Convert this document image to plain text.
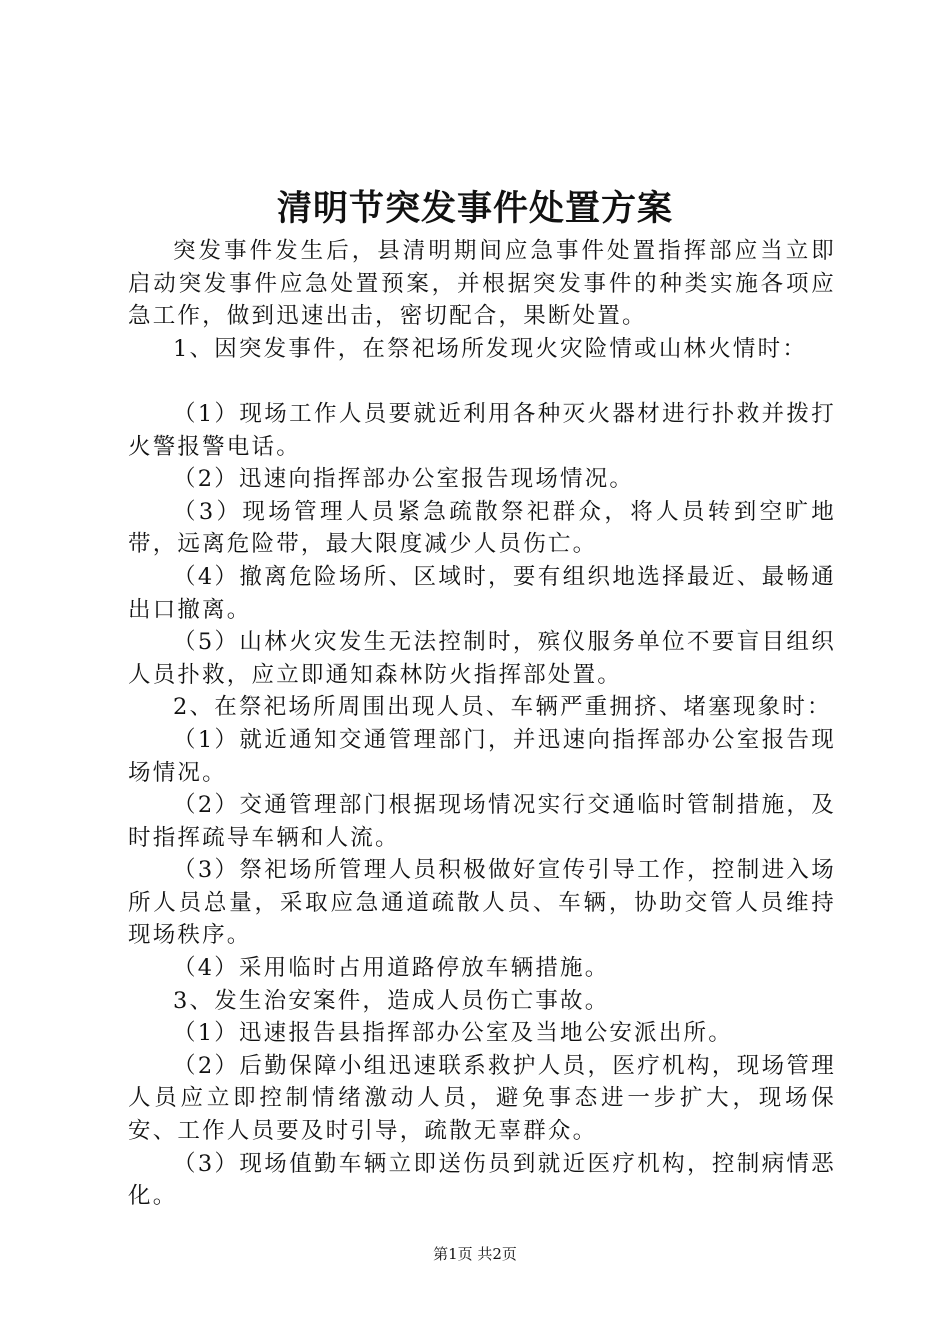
清明节突发事件处置方案

突发事件发生后，县清明期间应急事件处置指挥部应当立即启动突发事件应急处置预案，并根据突发事件的种类实施各项应急工作，做到迅速出击，密切配合，果断处置。

1、因突发事件，在祭祀场所发现火灾险情或山林火情时：

（1）现场工作人员要就近利用各种灭火器材进行扑救并拨打火警报警电话。

（2）迅速向指挥部办公室报告现场情况。

（3）现场管理人员紧急疏散祭祀群众，将人员转到空旷地带，远离危险带，最大限度减少人员伤亡。

（4）撤离危险场所、区域时，要有组织地选择最近、最畅通出口撤离。

（5）山林火灾发生无法控制时，殡仪服务单位不要盲目组织人员扑救，应立即通知森林防火指挥部处置。

2、在祭祀场所周围出现人员、车辆严重拥挤、堵塞现象时：

（1）就近通知交通管理部门，并迅速向指挥部办公室报告现场情况。

（2）交通管理部门根据现场情况实行交通临时管制措施，及时指挥疏导车辆和人流。

（3）祭祀场所管理人员积极做好宣传引导工作，控制进入场所人员总量，采取应急通道疏散人员、车辆，协助交管人员维持现场秩序。

（4）采用临时占用道路停放车辆措施。

3、发生治安案件，造成人员伤亡事故。

（1）迅速报告县指挥部办公室及当地公安派出所。

（2）后勤保障小组迅速联系救护人员，医疗机构，现场管理人员应立即控制情绪激动人员，避免事态进一步扩大，现场保安、工作人员要及时引导，疏散无辜群众。

（3）现场值勤车辆立即送伤员到就近医疗机构，控制病情恶化。

第1页 共2页
